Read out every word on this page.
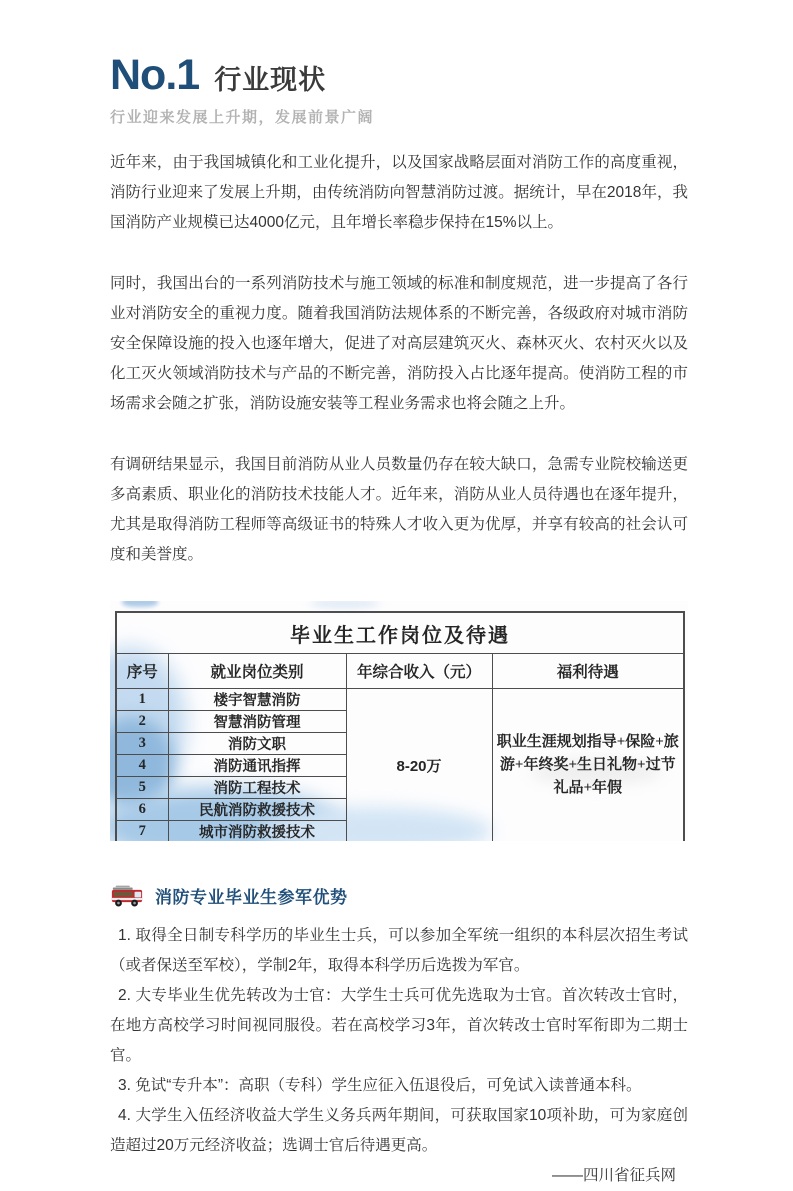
No.1 行业现状
行业迎来发展上升期，发展前景广阔

近年来，由于我国城镇化和工业化提升，以及国家战略层面对消防工作的高度重视，消防行业迎来了发展上升期，由传统消防向智慧消防过渡。据统计，早在2018年，我国消防产业规模已达4000亿元，且年增长率稳步保持在15%以上。

同时，我国出台的一系列消防技术与施工领域的标准和制度规范，进一步提高了各行业对消防安全的重视力度。随着我国消防法规体系的不断完善，各级政府对城市消防安全保障设施的投入也逐年增大，促进了对高层建筑灭火、森林灭火、农村灭火以及化工灭火领域消防技术与产品的不断完善，消防投入占比逐年提高。使消防工程的市场需求会随之扩张，消防设施安装等工程业务需求也将会随之上升。

有调研结果显示，我国目前消防从业人员数量仍存在较大缺口，急需专业院校输送更多高素质、职业化的消防技术技能人才。近年来，消防从业人员待遇也在逐年提升，尤其是取得消防工程师等高级证书的特殊人才收入更为优厚，并享有较高的社会认可度和美誉度。

毕业生工作岗位及待遇			
序号	就业岗位类别	年综合收入（元）	福利待遇
1	楼宇智慧消防	8-20万	职业生涯规划指导+保险+旅游+年终奖+生日礼物+过节礼品+年假
2	智慧消防管理		
3	消防文职		
4	消防通讯指挥		
5	消防工程技术		
6	民航消防救援技术		
7	城市消防救援技术		
消防专业毕业生参军优势

1. 取得全日制专科学历的毕业生士兵，可以参加全军统一组织的本科层次招生考试（或者保送至军校），学制2年，取得本科学历后选拨为军官。

2. 大专毕业生优先转改为士官：大学生士兵可优先选取为士官。首次转改士官时，在地方高校学习时间视同服役。若在高校学习3年，首次转改士官时军衔即为二期士官。

3. 免试“专升本”：高职（专科）学生应征入伍退役后，可免试入读普通本科。

4. 大学生入伍经济收益大学生义务兵两年期间，可获取国家10项补助，可为家庭创造超过20万元经济收益；选调士官后待遇更高。

——四川省征兵网
